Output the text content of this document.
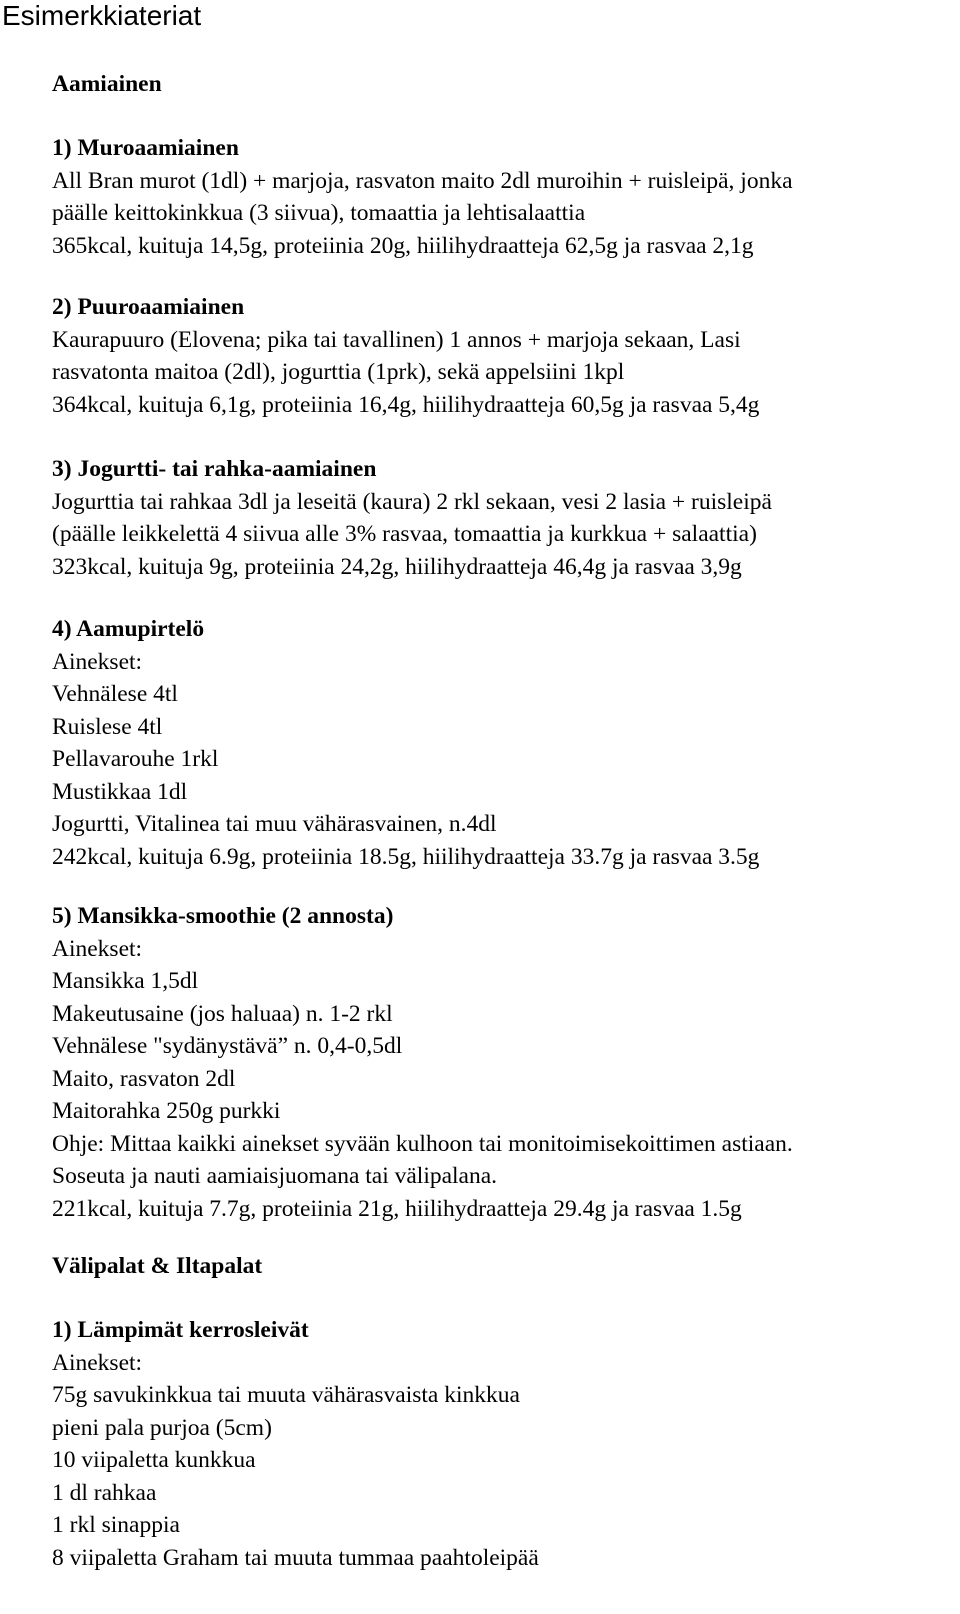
Esimerkkiateriat
Aamiainen
1) Muroaamiainen
All Bran murot (1dl) + marjoja, rasvaton maito 2dl muroihin + ruisleipä, jonka
päälle keittokinkkua (3 siivua), tomaattia ja lehtisalaattia
365kcal, kuituja 14,5g, proteiinia 20g, hiilihydraatteja 62,5g ja rasvaa 2,1g
2) Puuroaamiainen
Kaurapuuro (Elovena; pika tai tavallinen) 1 annos + marjoja sekaan, Lasi
rasvatonta maitoa (2dl), jogurttia (1prk), sekä appelsiini 1kpl
364kcal, kuituja 6,1g, proteiinia 16,4g, hiilihydraatteja 60,5g ja rasvaa 5,4g
3) Jogurtti- tai rahka-aamiainen
Jogurttia tai rahkaa 3dl ja leseitä (kaura) 2 rkl sekaan, vesi 2 lasia + ruisleipä
(päälle leikkelettä 4 siivua alle 3% rasvaa, tomaattia ja kurkkua + salaattia)
323kcal, kuituja 9g, proteiinia 24,2g, hiilihydraatteja 46,4g ja rasvaa 3,9g
4) Aamupirtelö
Ainekset:
Vehnälese 4tl
Ruislese 4tl
Pellavarouhe 1rkl
Mustikkaa 1dl
Jogurtti, Vitalinea tai muu vähärasvainen, n.4dl
242kcal, kuituja 6.9g, proteiinia 18.5g, hiilihydraatteja 33.7g ja rasvaa 3.5g
5) Mansikka-smoothie (2 annosta)
Ainekset:
Mansikka 1,5dl
Makeutusaine (jos haluaa) n. 1-2 rkl
Vehnälese "sydänystävä” n. 0,4-0,5dl
Maito, rasvaton 2dl
Maitorahka 250g purkki
Ohje: Mittaa kaikki ainekset syvään kulhoon tai monitoimisekoittimen astiaan.
Soseuta ja nauti aamiaisjuomana tai välipalana.
221kcal, kuituja 7.7g, proteiinia 21g, hiilihydraatteja 29.4g ja rasvaa 1.5g
Välipalat & Iltapalat
1) Lämpimät kerrosleivät
Ainekset:
75g savukinkkua tai muuta vähärasvaista kinkkua
pieni pala purjoa (5cm)
10 viipaletta kunkkua
1 dl rahkaa
1 rkl sinappia
8 viipaletta Graham tai muuta tummaa paahtoleipää
